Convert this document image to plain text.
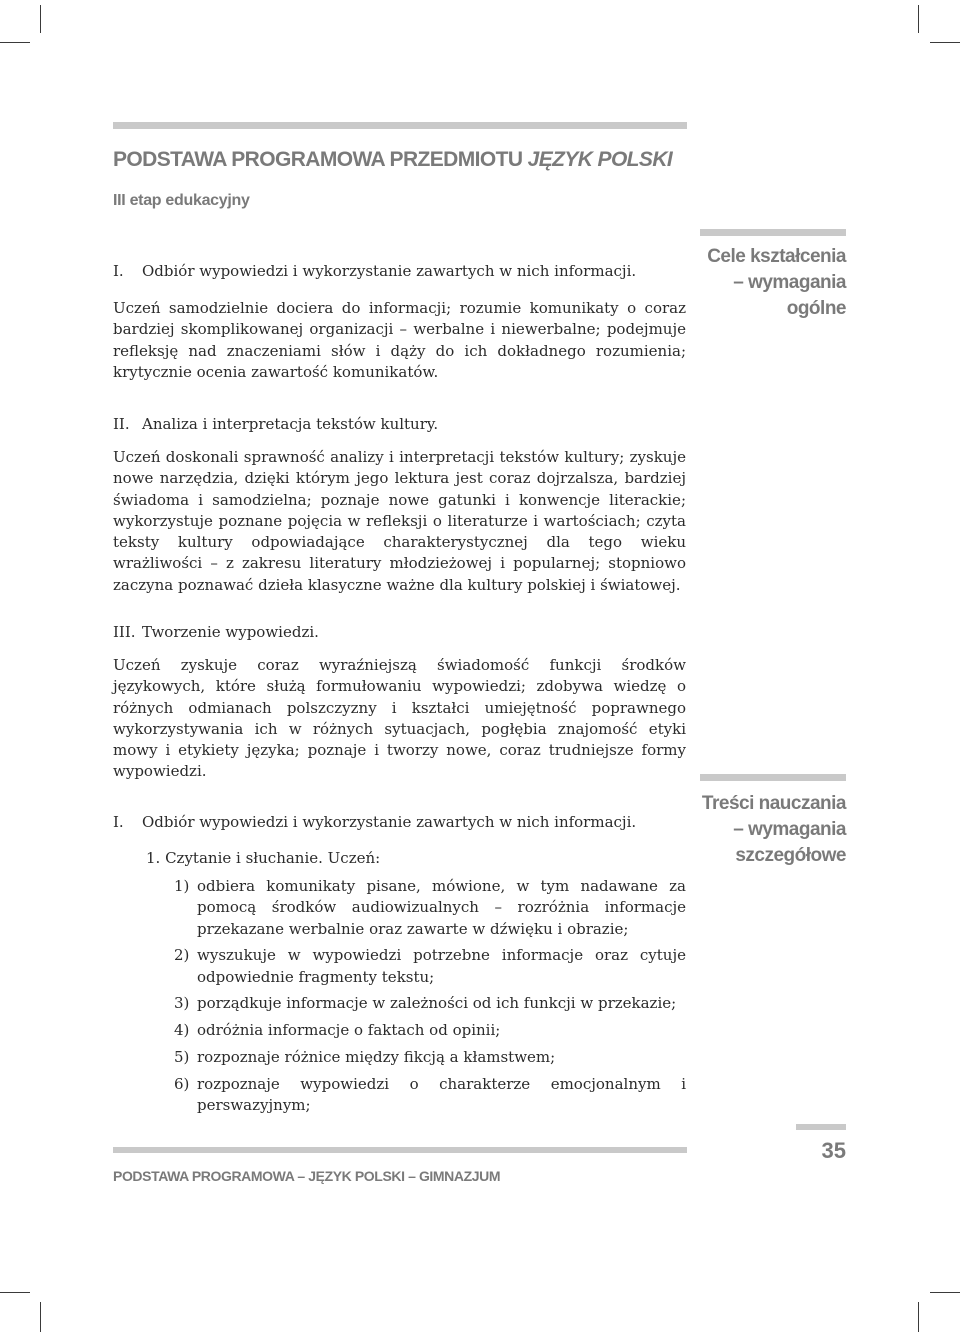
PODSTAWA PROGRAMOWA PRZEDMIOTU JĘZYK POLSKI
III etap edukacyjny
Cele kształcenia
– wymagania
ogólne
I. Odbiór wypowiedzi i wykorzystanie zawartych w nich informacji.

Uczeń samodzielnie dociera do informacji; rozumie komunikaty o coraz bardziej skomplikowanej organizacji – werbalne i niewerbalne; podejmuje refleksję nad znaczeniami słów i dąży do ich dokładnego rozumienia; krytycznie ocenia zawartość komunikatów.

II. Analiza i interpretacja tekstów kultury.

Uczeń doskonali sprawność analizy i interpretacji tekstów kultury; zyskuje nowe narzędzia, dzięki którym jego lektura jest coraz dojrzalsza, bardziej świadoma i samodzielna; poznaje nowe gatunki i konwencje literackie; wykorzystuje poznane pojęcia w refleksji o literaturze i wartościach; czyta teksty kultury odpowiadające charakterystycznej dla tego wieku wrażliwości – z zakresu literatury młodzieżowej i popularnej; stopniowo zaczyna poznawać dzieła klasyczne ważne dla kultury polskiej i światowej.

III. Tworzenie wypowiedzi.

Uczeń zyskuje coraz wyraźniejszą świadomość funkcji środków językowych, które służą formułowaniu wypowiedzi; zdobywa wiedzę o różnych odmianach polszczyzny i kształci umiejętność poprawnego wykorzystywania ich w różnych sytuacjach, pogłębia znajomość etyki mowy i etykiety języka; poznaje i tworzy nowe, coraz trudniejsze formy wypowiedzi.

Treści nauczania
– wymagania
szczegółowe
I. Odbiór wypowiedzi i wykorzystanie zawartych w nich informacji.
1. Czytanie i słuchanie. Uczeń:
1) odbiera komunikaty pisane, mówione, w tym nadawane za pomocą środków audiowizualnych – rozróżnia informacje przekazane werbalnie oraz zawarte w dźwięku i obrazie;
2) wyszukuje w wypowiedzi potrzebne informacje oraz cytuje odpowiednie fragmenty tekstu;
3) porządkuje informacje w zależności od ich funkcji w przekazie;
4) odróżnia informacje o faktach od opinii;
5) rozpoznaje różnice między fikcją a kłamstwem;
6) rozpoznaje wypowiedzi o charakterze emocjonalnym i perswazyjnym;
PODSTAWA PROGRAMOWA – JĘZYK POLSKI – GIMNAZJUM
35
